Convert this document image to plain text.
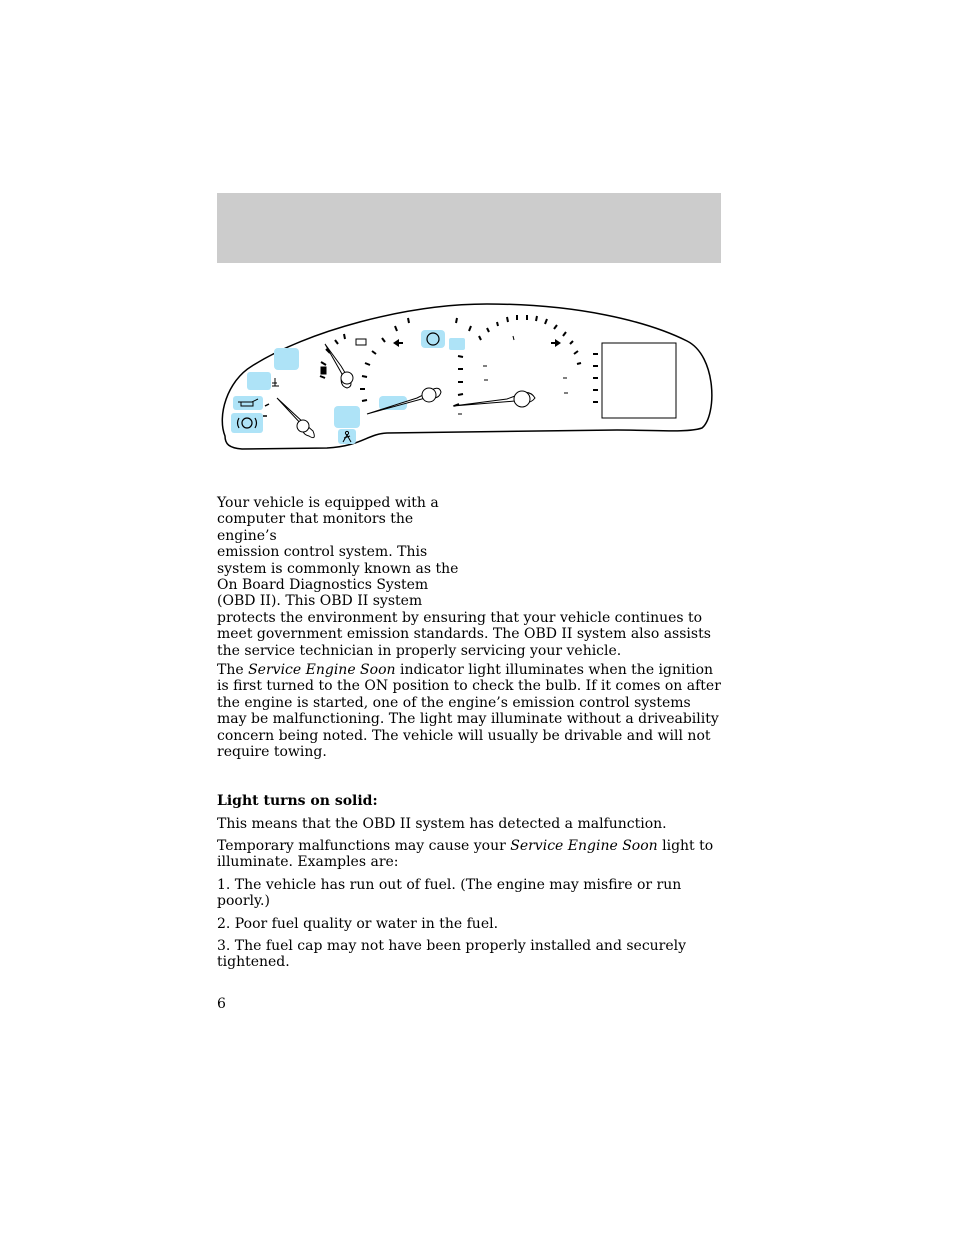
Your vehicle is equipped with a
computer that monitors the engine’s
emission control system. This
system is commonly known as the
On Board Diagnostics System
(OBD II). This OBD II system
protects the environment by ensuring that your vehicle continues to meet government emission standards. The OBD II system also assists the service technician in properly servicing your vehicle.

The Service Engine Soon indicator light illuminates when the ignition is first turned to the ON position to check the bulb. If it comes on after the engine is started, one of the engine’s emission control systems may be malfunctioning. The light may illuminate without a driveability concern being noted. The vehicle will usually be drivable and will not require towing.

Light turns on solid:

This means that the OBD II system has detected a malfunction.

Temporary malfunctions may cause your Service Engine Soon light to illuminate. Examples are:

1. The vehicle has run out of fuel. (The engine may misfire or run poorly.)

2. Poor fuel quality or water in the fuel.

3. The fuel cap may not have been properly installed and securely tightened.

6
